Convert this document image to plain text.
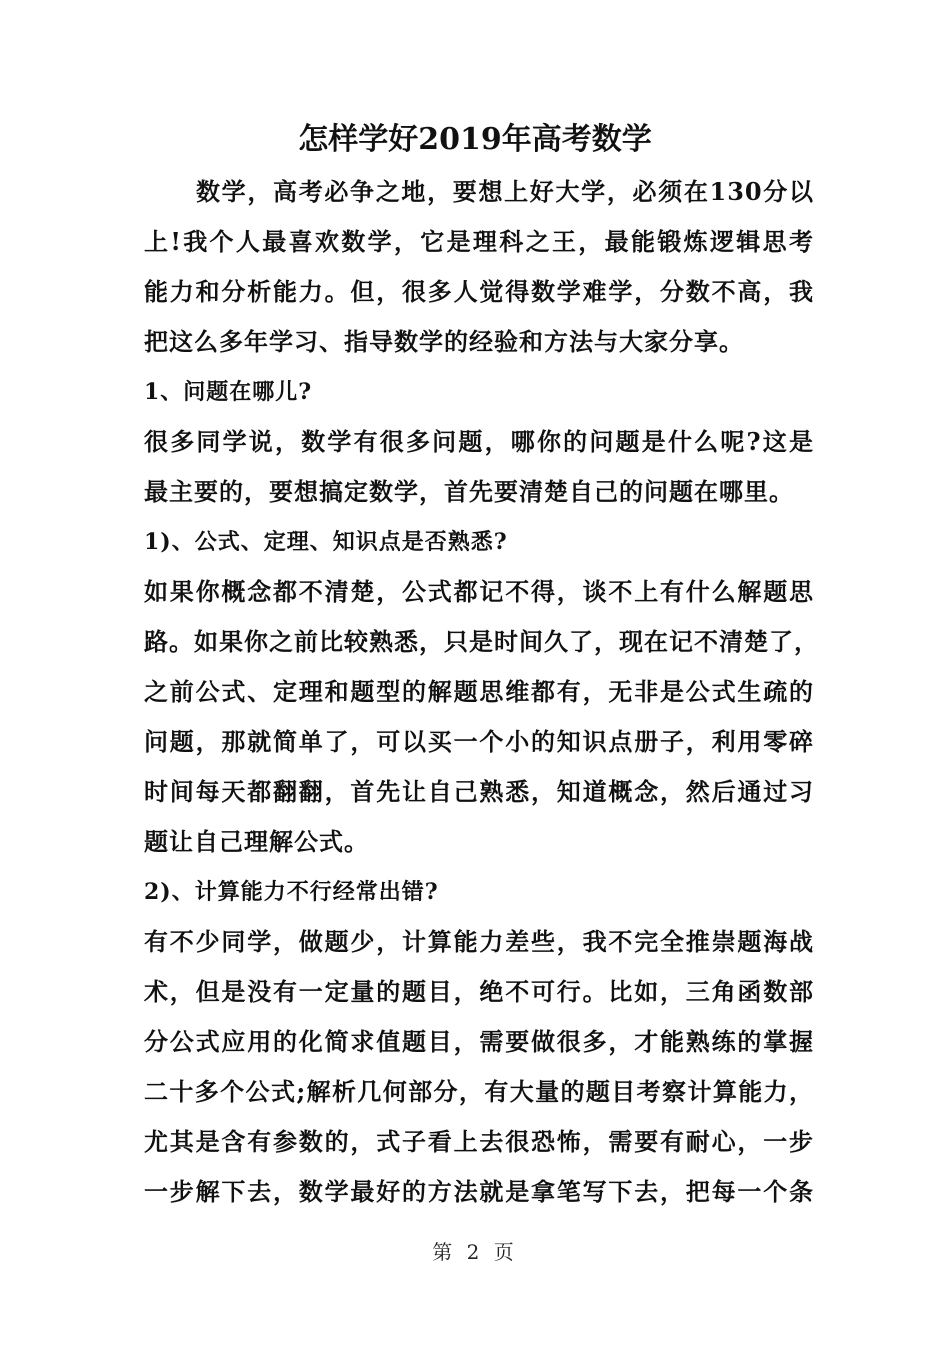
怎样学好2019年高考数学
数学，高考必争之地，要想上好大学，必须在130分以
上!我个人最喜欢数学，它是理科之王，最能锻炼逻辑思考
能力和分析能力。但，很多人觉得数学难学，分数不高，我
把这么多年学习、指导数学的经验和方法与大家分享。
1、问题在哪儿?
很多同学说，数学有很多问题，哪你的问题是什么呢?这是
最主要的，要想搞定数学，首先要清楚自己的问题在哪里。
1)、公式、定理、知识点是否熟悉?
如果你概念都不清楚，公式都记不得，谈不上有什么解题思
路。如果你之前比较熟悉，只是时间久了，现在记不清楚了，
之前公式、定理和题型的解题思维都有，无非是公式生疏的
问题，那就简单了，可以买一个小的知识点册子，利用零碎
时间每天都翻翻，首先让自己熟悉，知道概念，然后通过习
题让自己理解公式。
2)、计算能力不行经常出错?
有不少同学，做题少，计算能力差些，我不完全推崇题海战
术，但是没有一定量的题目，绝不可行。比如，三角函数部
分公式应用的化简求值题目，需要做很多，才能熟练的掌握
二十多个公式;解析几何部分，有大量的题目考察计算能力，
尤其是含有参数的，式子看上去很恐怖，需要有耐心，一步
一步解下去，数学最好的方法就是拿笔写下去，把每一个条
第 2 页
